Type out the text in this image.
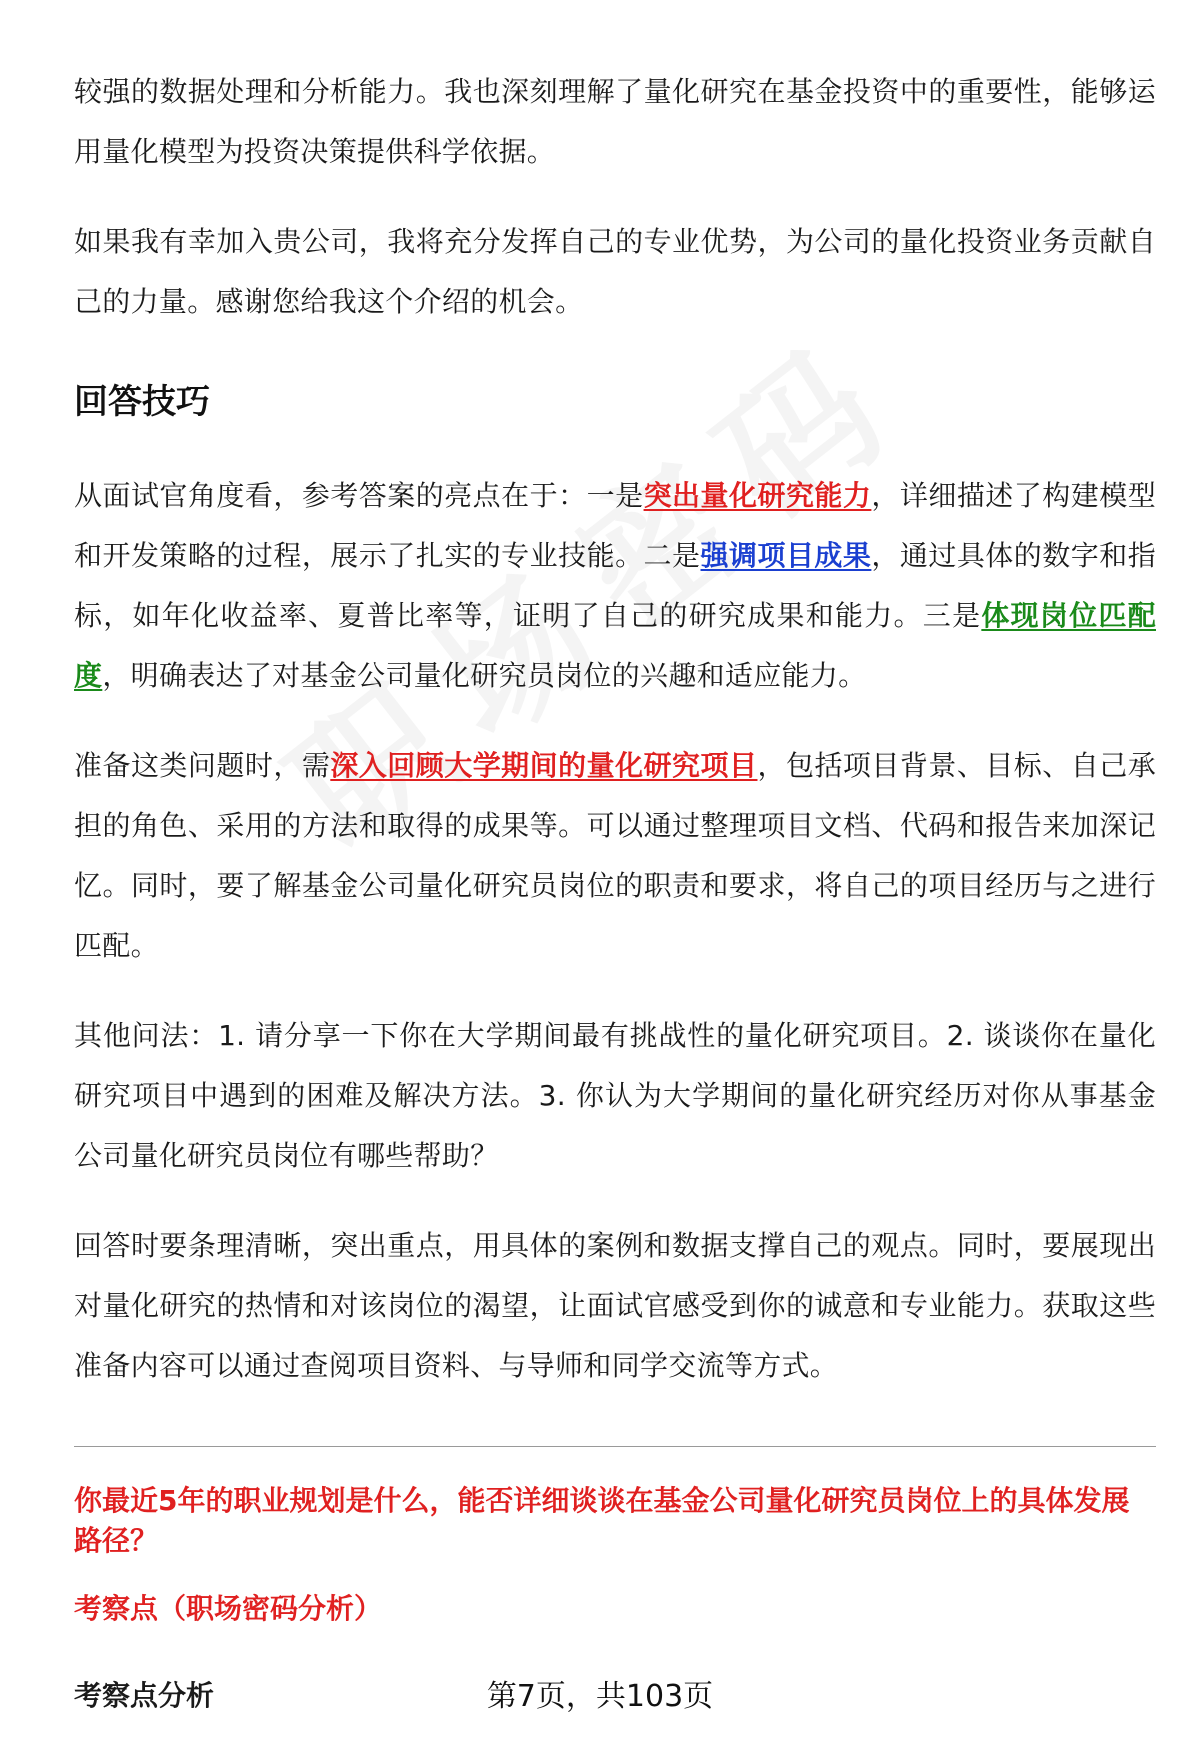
较强的数据处理和分析能力。我也深刻理解了量化研究在基金投资中的重要性，能够运用量化模型为投资决策提供科学依据。

如果我有幸加入贵公司，我将充分发挥自己的专业优势，为公司的量化投资业务贡献自己的力量。感谢您给我这个介绍的机会。

回答技巧

从面试官角度看，参考答案的亮点在于：一是突出量化研究能力，详细描述了构建模型和开发策略的过程，展示了扎实的专业技能。二是强调项目成果，通过具体的数字和指标，如年化收益率、夏普比率等，证明了自己的研究成果和能力。三是体现岗位匹配度，明确表达了对基金公司量化研究员岗位的兴趣和适应能力。

准备这类问题时，需深入回顾大学期间的量化研究项目，包括项目背景、目标、自己承担的角色、采用的方法和取得的成果等。可以通过整理项目文档、代码和报告来加深记忆。同时，要了解基金公司量化研究员岗位的职责和要求，将自己的项目经历与之进行匹配。

其他问法：1. 请分享一下你在大学期间最有挑战性的量化研究项目。2. 谈谈你在量化研究项目中遇到的困难及解决方法。3. 你认为大学期间的量化研究经历对你从事基金公司量化研究员岗位有哪些帮助？

回答时要条理清晰，突出重点，用具体的案例和数据支撑自己的观点。同时，要展现出对量化研究的热情和对该岗位的渴望，让面试官感受到你的诚意和专业能力。获取这些准备内容可以通过查阅项目资料、与导师和同学交流等方式。

你最近5年的职业规划是什么，能否详细谈谈在基金公司量化研究员岗位上的具体发展路径？
考察点（职场密码分析）
考察点分析	第7页，共103页
